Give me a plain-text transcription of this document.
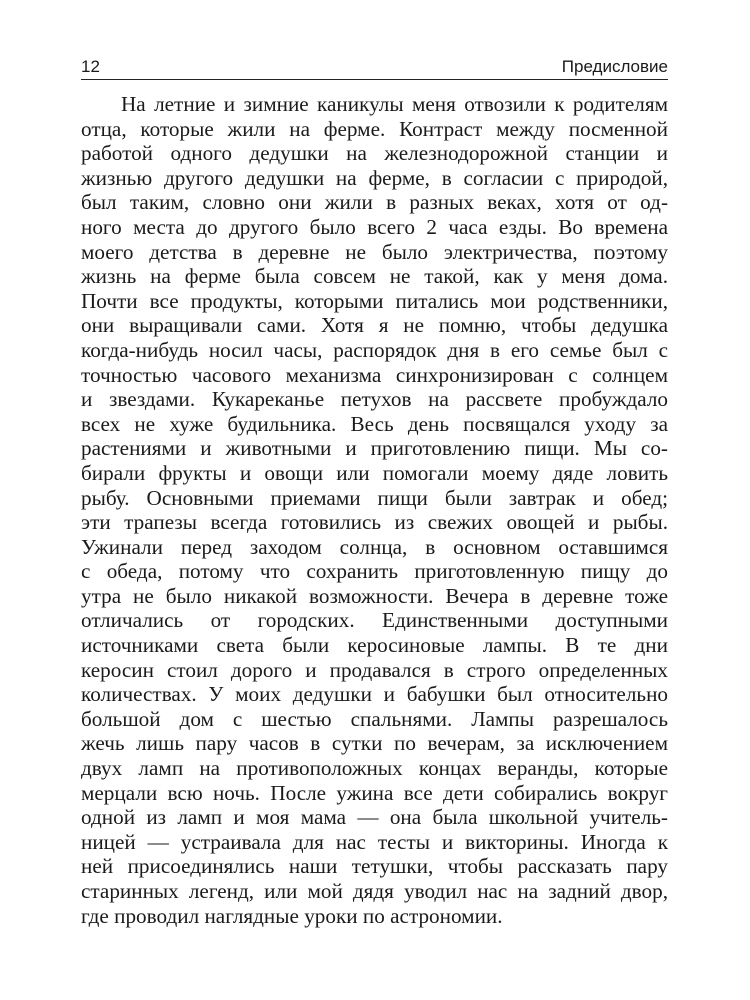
12	Предисловие
На летние и зимние каникулы меня отвозили к родителям
отца, которые жили на ферме. Контраст между посменной
работой одного дедушки на железнодорожной станции и
жизнью другого дедушки на ферме, в согласии с природой,
был таким, словно они жили в разных веках, хотя от од-
ного места до другого было всего 2 часа езды. Во времена
моего детства в деревне не было электричества, поэтому
жизнь на ферме была совсем не такой, как у меня дома.
Почти все продукты, которыми питались мои родственники,
они выращивали сами. Хотя я не помню, чтобы дедушка
когда-нибудь носил часы, распорядок дня в его семье был с
точностью часового механизма синхронизирован с солнцем
и звездами. Кукареканье петухов на рассвете пробуждало
всех не хуже будильника. Весь день посвящался уходу за
растениями и животными и приготовлению пищи. Мы со-
бирали фрукты и овощи или помогали моему дяде ловить
рыбу. Основными приемами пищи были завтрак и обед;
эти трапезы всегда готовились из свежих овощей и рыбы.
Ужинали перед заходом солнца, в основном оставшимся
с обеда, потому что сохранить приготовленную пищу до
утра не было никакой возможности. Вечера в деревне тоже
отличались от городских. Единственными доступными
источниками света были керосиновые лампы. В те дни
керосин стоил дорого и продавался в строго определенных
количествах. У моих дедушки и бабушки был относительно
большой дом с шестью спальнями. Лампы разрешалось
жечь лишь пару часов в сутки по вечерам, за исключением
двух ламп на противоположных концах веранды, которые
мерцали всю ночь. После ужина все дети собирались вокруг
одной из ламп и моя мама — она была школьной учитель-
ницей — устраивала для нас тесты и викторины. Иногда к
ней присоединялись наши тетушки, чтобы рассказать пару
старинных легенд, или мой дядя уводил нас на задний двор,
где проводил наглядные уроки по астрономии.
